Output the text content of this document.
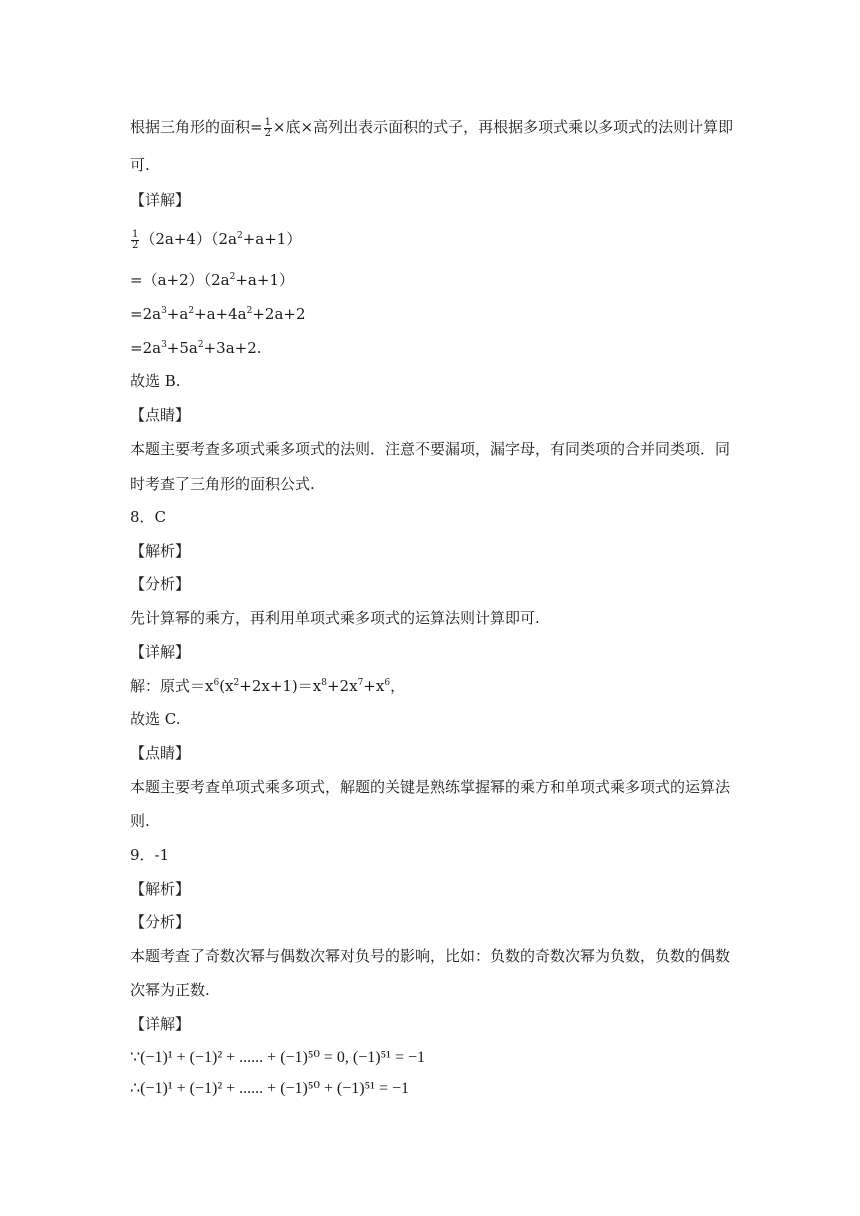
根据三角形的面积= $\frac{1}{2}$ ×底×高列出表示面积的式子，再根据多项式乘以多项式的法则计算即
可.
【详解】
$\frac{1}{2} (2a+4)(2a^2+a+1)$
$=(a+2)(2a^2+a+1)$
$=2a^3+a^2+a+4a^2+2a+2$
$=2a^3+5a^2+3a+2$.
故选 B.
【点睛】
本题主要考查多项式乘多项式的法则．注意不要漏项，漏字母，有同类项的合并同类项．同
时考查了三角形的面积公式.
8．C
【解析】
【分析】
先计算幂的乘方，再利用单项式乘多项式的运算法则计算即可.
【详解】
解：原式$=x^6(x^2+2x+1)=x^8+2x^7+x^6$，
故选 C.
【点睛】
本题主要考查单项式乘多项式，解题的关键是熟练掌握幂的乘方和单项式乘多项式的运算法
则.
9．-1
【解析】
【分析】
本题考查了奇数次幂与偶数次幂对负号的影响，比如：负数的奇数次幂为负数，负数的偶数
次幂为正数.
【详解】
∵(−1)¹ + (−1)² + ...... + (−1)⁵⁰ = 0, (−1)⁵¹ = −1
∴(−1)¹ + (−1)² + ...... + (−1)⁵⁰ + (−1)⁵¹ = −1
